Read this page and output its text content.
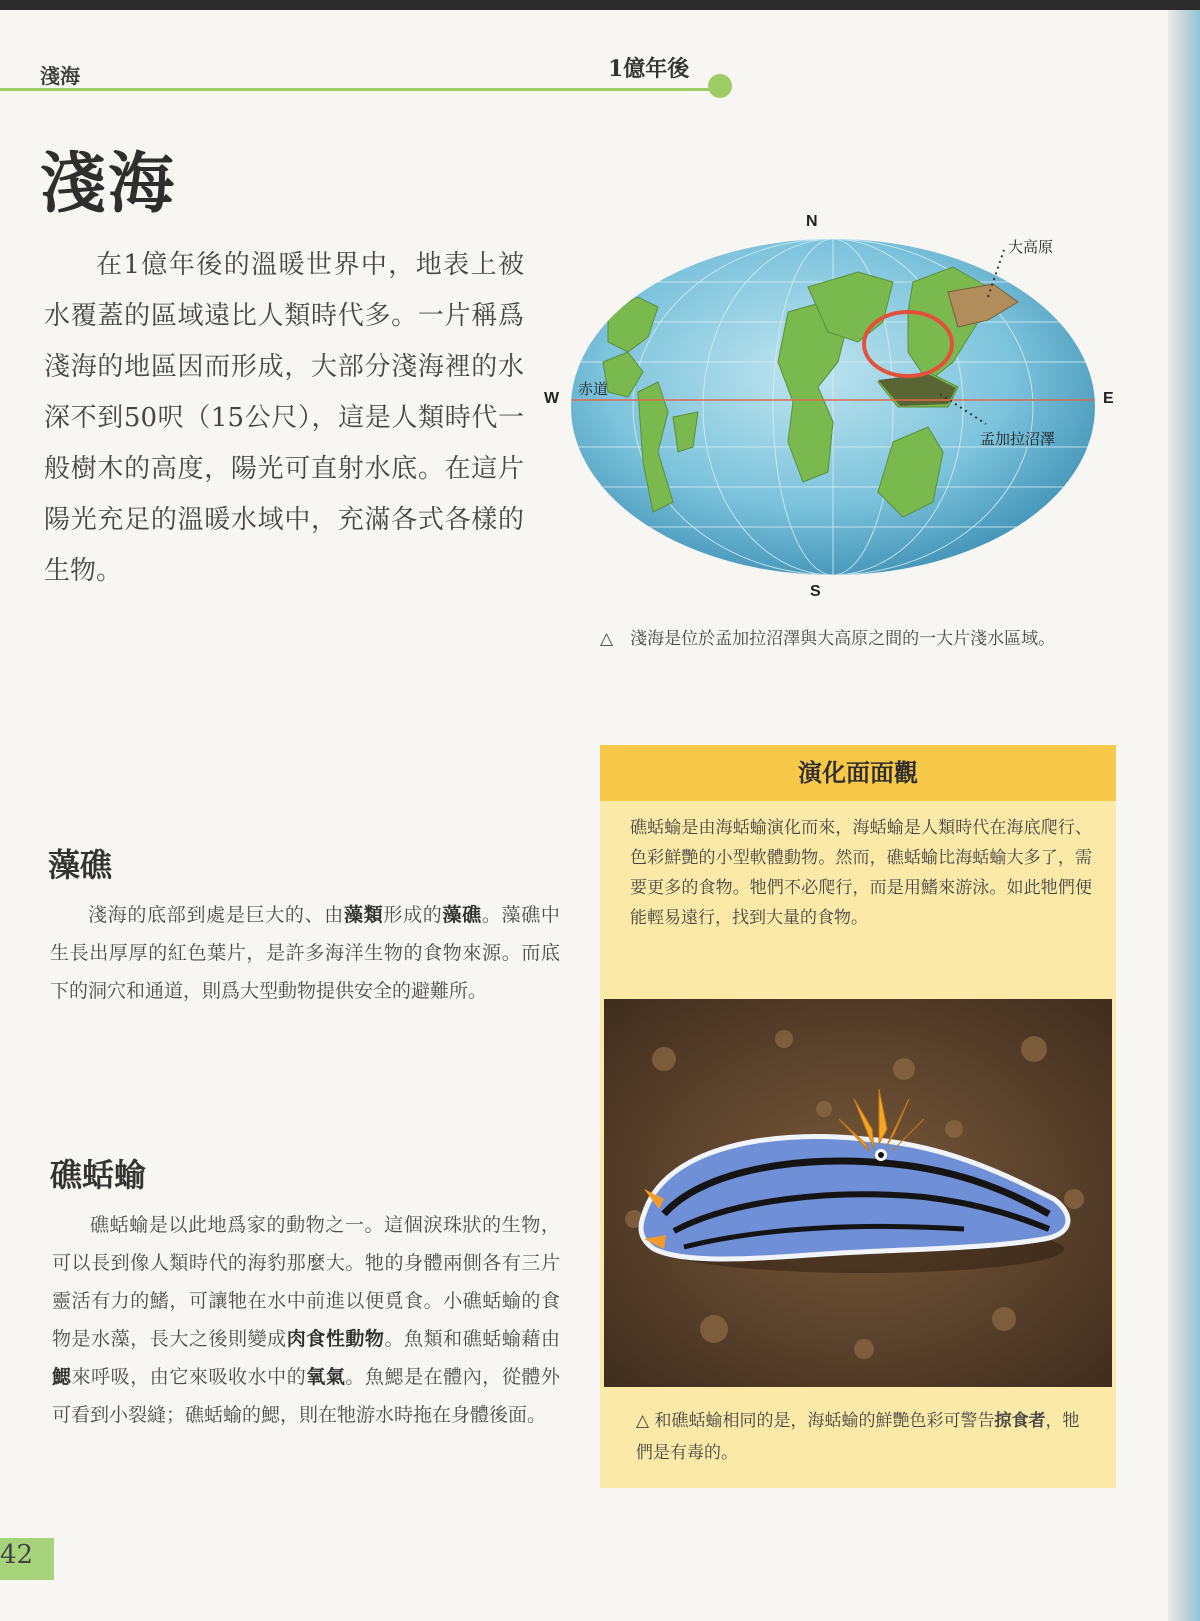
淺海	1億年後
淺海
在1億年後的溫暖世界中，地表上被水覆蓋的區域遠比人類時代多。一片稱爲淺海的地區因而形成，大部分淺海裡的水深不到50呎（15公尺），這是人類時代一般樹木的高度，陽光可直射水底。在這片陽光充足的溫暖水域中，充滿各式各樣的生物。
N
S
W	E
赤道
大高原
孟加拉沼澤
△　淺海是位於孟加拉沼澤與大高原之間的一大片淺水區域。
藻礁
淺海的底部到處是巨大的、由藻類形成的藻礁。藻礁中生長出厚厚的紅色葉片，是許多海洋生物的食物來源。而底下的洞穴和通道，則爲大型動物提供安全的避難所。
礁蛞蝓
礁蛞蝓是以此地爲家的動物之一。這個淚珠狀的生物，可以長到像人類時代的海豹那麼大。牠的身體兩側各有三片靈活有力的鰭，可讓牠在水中前進以便覓食。小礁蛞蝓的食物是水藻，長大之後則變成肉食性動物。魚類和礁蛞蝓藉由鰓來呼吸，由它來吸收水中的氧氣。魚鰓是在體內，從體外可看到小裂縫；礁蛞蝓的鰓，則在牠游水時拖在身體後面。
演化面面觀
礁蛞蝓是由海蛞蝓演化而來，海蛞蝓是人類時代在海底爬行、色彩鮮艷的小型軟體動物。然而，礁蛞蝓比海蛞蝓大多了，需要更多的食物。牠們不必爬行，而是用鰭來游泳。如此牠們便能輕易遠行，找到大量的食物。
△ 和礁蛞蝓相同的是，海蛞蝓的鮮艷色彩可警告掠食者，牠們是有毒的。
42
